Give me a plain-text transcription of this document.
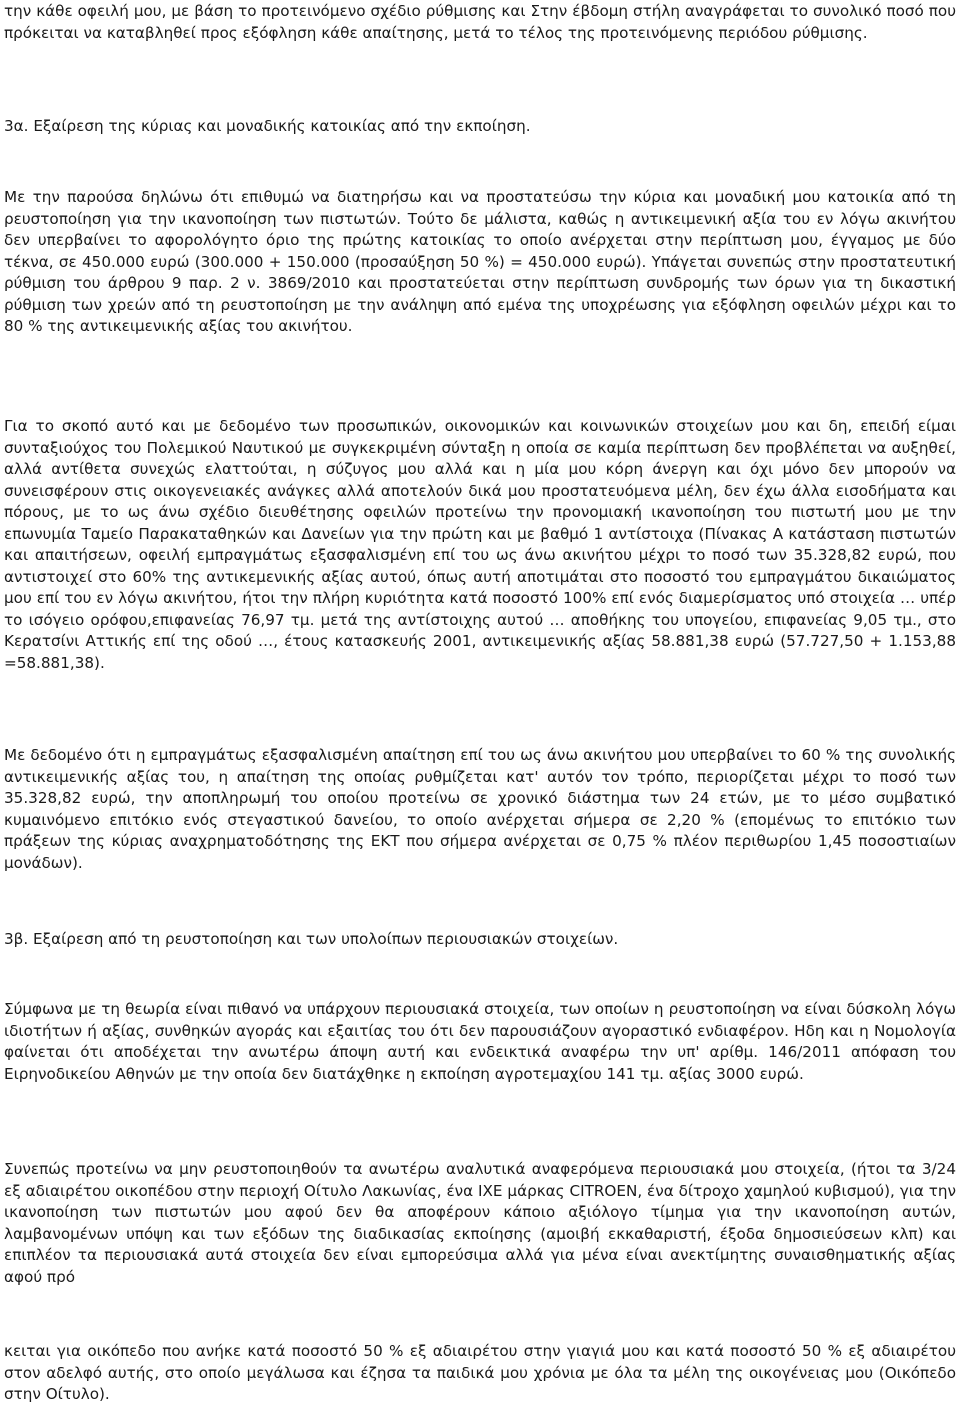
την κάθε οφειλή μου, με βάση το προτεινόμενο σχέδιο ρύθμισης και Στην έβδομη στήλη αναγράφεται το συνολικό ποσό που πρόκειται να καταβληθεί προς εξόφληση κάθε απαίτησης, μετά το τέλος της προτεινόμενης περιόδου ρύθμισης.

3α. Εξαίρεση της κύριας και μοναδικής κατοικίας από την εκποίηση.

Με την παρούσα δηλώνω ότι επιθυμώ να διατηρήσω και να προστατεύσω την κύρια και μοναδική μου κατοικία από τη ρευστοποίηση για την ικανοποίηση των πιστωτών. Τούτο δε μάλιστα, καθώς η αντικειμενική αξία του εν λόγω ακινήτου δεν υπερβαίνει το αφορολόγητο όριο της πρώτης κατοικίας το οποίο ανέρχεται στην περίπτωση μου, έγγαμος με δύο τέκνα, σε 450.000 ευρώ (300.000 + 150.000 (προσαύξηση 50 %) = 450.000 ευρώ). Υπάγεται συνεπώς στην προστατευτική ρύθμιση του άρθρου 9 παρ. 2 ν. 3869/2010 και προστατεύεται στην περίπτωση συνδρομής των όρων για τη δικαστική ρύθμιση των χρεών από τη ρευστοποίηση με την ανάληψη από εμένα της υποχρέωσης για εξόφληση οφειλών μέχρι και το 80 % της αντικειμενικής αξίας του ακινήτου.

Για το σκοπό αυτό και με δεδομένο των προσωπικών, οικονομικών και κοινωνικών στοιχείων μου και δη, επειδή είμαι συνταξιούχος του Πολεμικού Ναυτικού με συγκεκριμένη σύνταξη η οποία σε καμία περίπτωση δεν προβλέπεται να αυξηθεί, αλλά αντίθετα συνεχώς ελαττούται, η σύζυγος μου αλλά και η μία μου κόρη άνεργη και όχι μόνο δεν μπορούν να συνεισφέρουν στις οικογενειακές ανάγκες αλλά αποτελούν δικά μου προστατευόμενα μέλη, δεν έχω άλλα εισοδήματα και πόρους, με το ως άνω σχέδιο διευθέτησης οφειλών προτείνω την προνομιακή ικανοποίηση του πιστωτή μου με την επωνυμία Ταμείο Παρακαταθηκών και Δανείων για την πρώτη και με βαθμό 1 αντίστοιχα (Πίνακας Α κατάσταση πιστωτών και απαιτήσεων, οφειλή εμπραγμάτως εξασφαλισμένη επί του ως άνω ακινήτου μέχρι το ποσό των 35.328,82 ευρώ, που αντιστοιχεί στο 60% της αντικεμενικής αξίας αυτού, όπως αυτή αποτιμάται στο ποσοστό του εμπραγμάτου δικαιώματος μου επί του εν λόγω ακινήτου, ήτοι την πλήρη κυριότητα κατά ποσοστό 100% επί ενός διαμερίσματος υπό στοιχεία … υπέρ το ισόγειο ορόφου,επιφανείας 76,97 τμ. μετά της αντίστοιχης αυτού … αποθήκης του υπογείου, επιφανείας 9,05 τμ., στο Κερατσίνι Αττικής επί της οδού …, έτους κατασκευής 2001, αντικειμενικής αξίας 58.881,38 ευρώ (57.727,50 + 1.153,88 =58.881,38).

Με δεδομένο ότι η εμπραγμάτως εξασφαλισμένη απαίτηση επί του ως άνω ακινήτου μου υπερβαίνει το 60 % της συνολικής αντικειμενικής αξίας του, η απαίτηση της οποίας ρυθμίζεται κατ' αυτόν τον τρόπο, περιορίζεται μέχρι το ποσό των 35.328,82 ευρώ, την αποπληρωμή του οποίου προτείνω σε χρονικό διάστημα των 24 ετών, με το μέσο συμβατικό κυμαινόμενο επιτόκιο ενός στεγαστικού δανείου, το οποίο ανέρχεται σήμερα σε 2,20 % (επομένως το επιτόκιο των πράξεων της κύριας αναχρηματοδότησης της ΕΚΤ που σήμερα ανέρχεται σε 0,75 % πλέον περιθωρίου 1,45 ποσοστιαίων μονάδων).

3β. Εξαίρεση από τη ρευστοποίηση και των υπολοίπων περιουσιακών στοιχείων.

Σύμφωνα με τη θεωρία είναι πιθανό να υπάρχουν περιουσιακά στοιχεία, των οποίων η ρευστοποίηση να είναι δύσκολη λόγω ιδιοτήτων ή αξίας, συνθηκών αγοράς και εξαιτίας του ότι δεν παρουσιάζουν αγοραστικό ενδιαφέρον. Ηδη και η Νομολογία φαίνεται ότι αποδέχεται την ανωτέρω άποψη αυτή και ενδεικτικά αναφέρω την υπ' αρίθμ. 146/2011 απόφαση του Ειρηνοδικείου Αθηνών με την οποία δεν διατάχθηκε η εκποίηση αγροτεμαχίου 141 τμ. αξίας 3000 ευρώ.

Συνεπώς προτείνω να μην ρευστοποιηθούν τα ανωτέρω αναλυτικά αναφερόμενα περιουσιακά μου στοιχεία, (ήτοι τα 3/24 εξ αδιαιρέτου οικοπέδου στην περιοχή Οίτυλο Λακωνίας, ένα ΙΧΕ μάρκας CITROEN, ένα δίτροχο χαμηλού κυβισμού), για την ικανοποίηση των πιστωτών μου αφού δεν θα αποφέρουν κάποιο αξιόλογο τίμημα για την ικανοποίηση αυτών, λαμβανομένων υπόψη και των εξόδων της διαδικασίας εκποίησης (αμοιβή εκκαθαριστή, έξοδα δημοσιεύσεων κλπ) και επιπλέον τα περιουσιακά αυτά στοιχεία δεν είναι εμπορεύσιμα αλλά για μένα είναι ανεκτίμητης συναισθηματικής αξίας αφού πρό

κειται για οικόπεδο που ανήκε κατά ποσοστό 50 % εξ αδιαιρέτου στην γιαγιά μου και κατά ποσοστό 50 % εξ αδιαιρέτου στον αδελφό αυτής, στο οποίο μεγάλωσα και έζησα τα παιδικά μου χρόνια με όλα τα μέλη της οικογένειας μου (Οικόπεδο στην Οίτυλο).
